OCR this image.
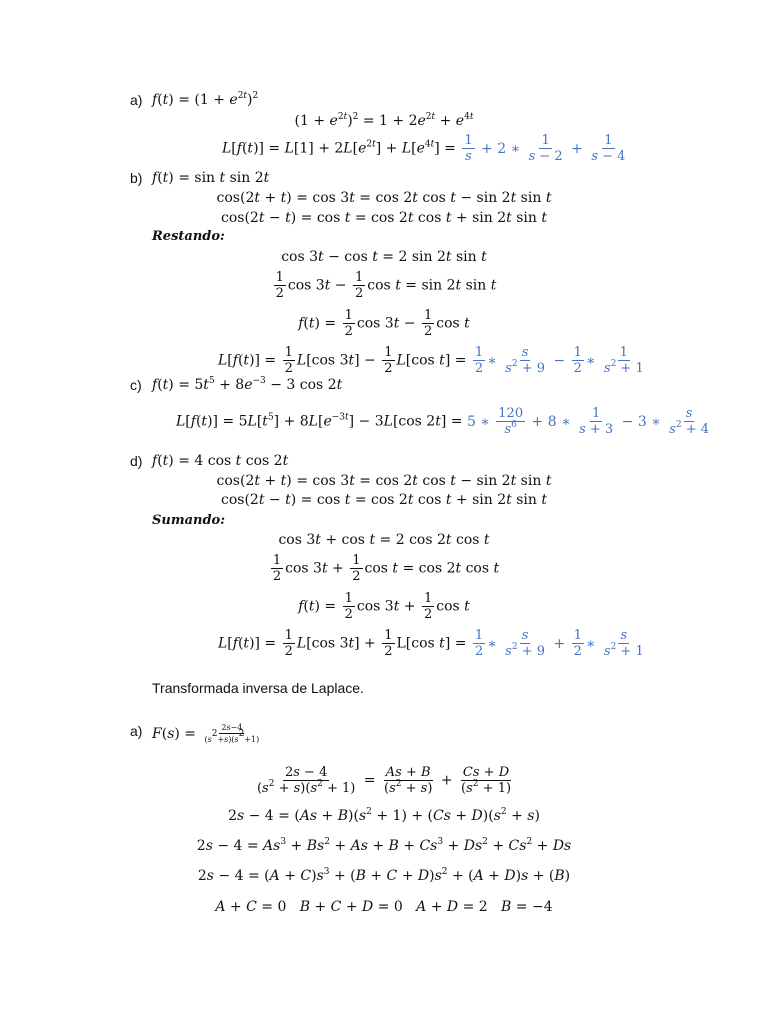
a) $f(t) = (1 + e^{2t})^2$
$(1 + e^{2t})^2 = 1 + 2e^{2t} + e^{4t}$
$L[f(t)] = L[1] + 2L[e^{2t}] + L[e^{4t}] = \frac{1}{s} + 2$ ∗ $\frac{1}{s - 2} + \frac{1}{s - 4}$
b) f(t) = sin t sin 2t
cos(2t + t) = cos 3t = cos 2t cos t − sin 2t sin t
cos(2t − t) = cos t = cos 2t cos t + sin 2t sin t
Restando:
cos 3t − cos t = 2 sin 2t sin t
$\frac{1}{2}$ $\cos 3t - \frac{1}{2}$ cos t = sin 2t sin t
$f(t) = \frac{1}{2}$ $\cos 3t - \frac{1}{2}$ cos t
$L[f(t)] = \frac{1}{2} L[\cos$ $3t] - \frac{1}{2} L[\cos$ $t] = \frac{1}{2}$ ∗ $\frac{s}{s^2 + 9} - \frac{1}{2}$ ∗ $\frac{1}{s^2 + 1}$
c) $f(t) = 5t^5 + 8e^{-3} - 3$ cos 2t
$L[f(t)] = 5L[t^5] + 8L[e^{-3t}] - 3L[\cos$ 2t] = 5 ∗ $\frac{120}{s^6} + 8$ ∗ $\frac{1}{s + 3} - 3$ ∗ $\frac{s}{s^2 + 4}$
d) f(t) = 4 cos t cos 2t
cos(2t + t) = cos 3t = cos 2t cos t − sin 2t sin t
cos(2t − t) = cos t = cos 2t cos t + sin 2t sin t
Sumando:
cos 3t + cos t = 2 cos 2t cos t
$\frac{1}{2}$ $\cos 3t + \frac{1}{2}$ cos t = cos 2t cos t
$f(t) = \frac{1}{2}$ $\cos 3t + \frac{1}{2}$ cos t
$L[f(t)] = \frac{1}{2} L[\cos$ $3t] + \frac{1}{2} L[\cos$ $t] = \frac{1}{2}$ ∗ $\frac{s}{s^2 + 9} + \frac{1}{2}$ ∗ $\frac{s}{s^2 + 1}$
Transformada inversa de Laplace.
a) $F(s) = \frac{2s-4}{(s^2+s)(s^2+1)}$
$\frac{2s - 4}{(s^2 + s)(s^2 + 1)} = \frac{As + B}{(s^2 + s)} + \frac{Cs + D}{(s^2 + 1)}$
$2s - 4 = (As + B)(s^2 + 1) + (Cs + D)(s^2 + s)$
$2s - 4 = As^3 + Bs^2 + As + B + Cs^3 + Ds^2 + Cs^2 + Ds$
$2s - 4 = (A + C)s^3 + (B + C + D)s^2 + (A + D)s + (B)$
A + C = 0   B + C + D = 0   A + D = 2   B = −4
